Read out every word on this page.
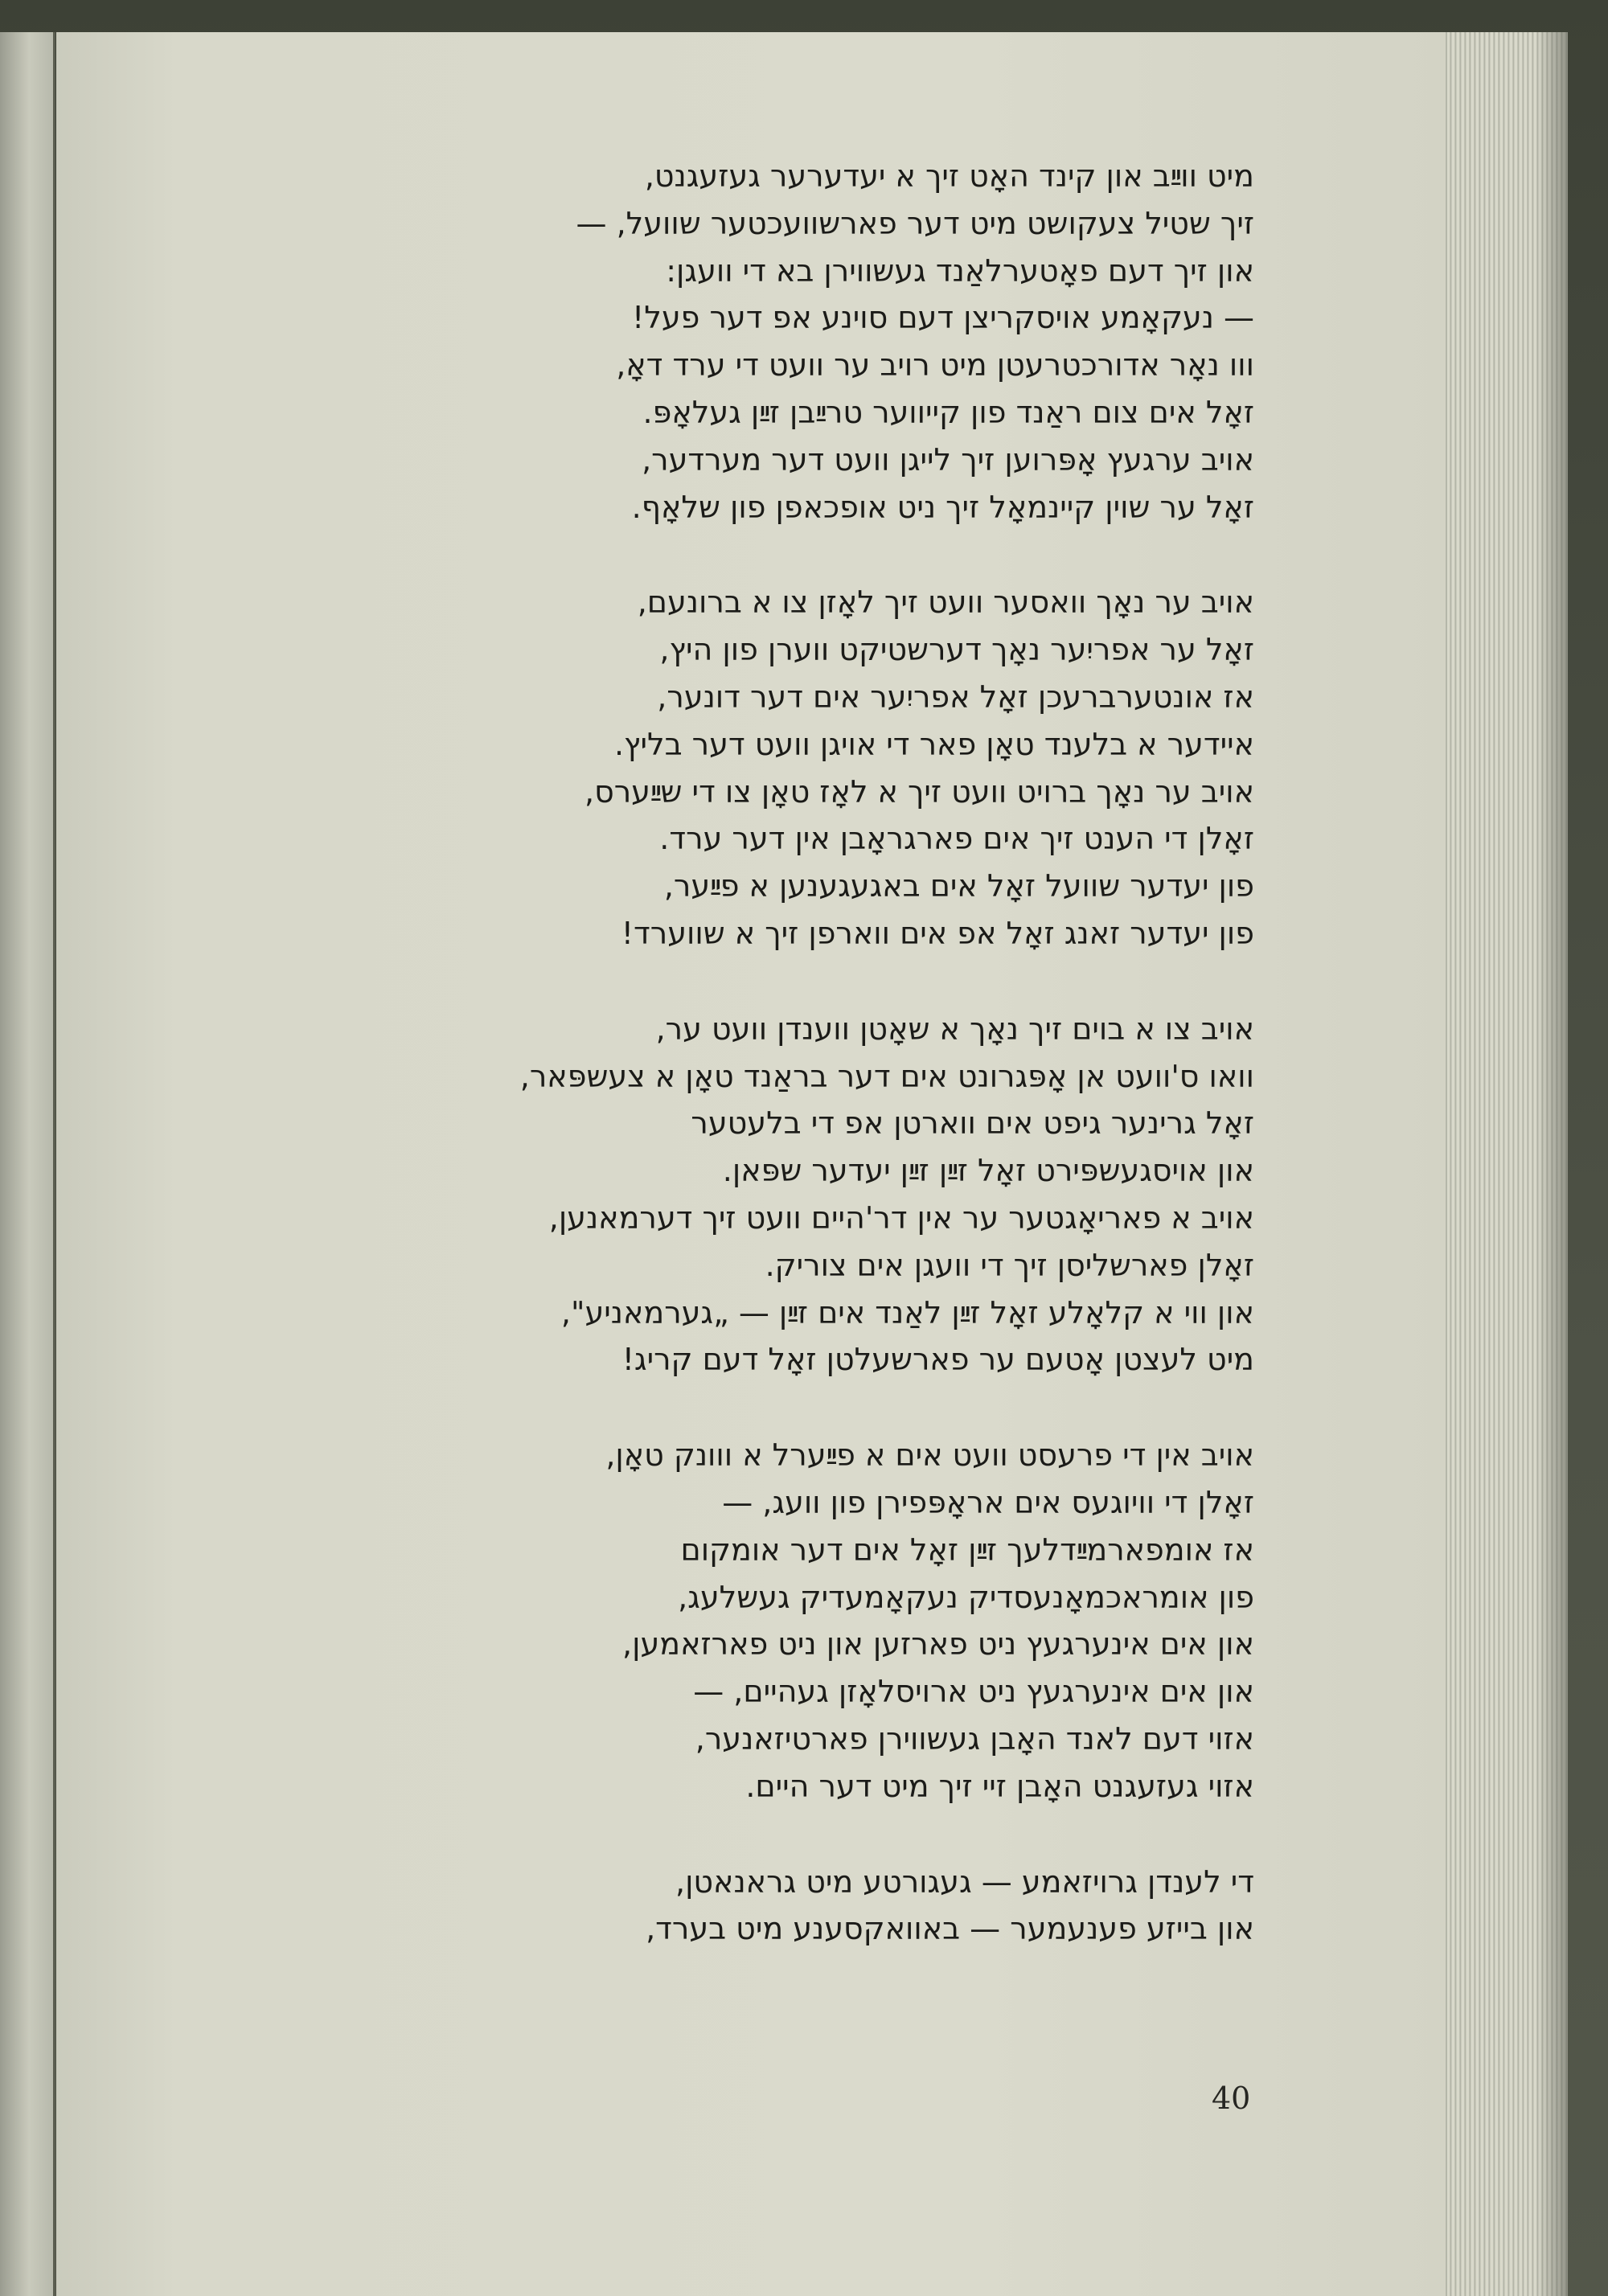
מיט ווײַב און קינד האָט זיך א יעדערער געזעגנט,
זיך שטיל צעקושט מיט דער פארשוועכטער שוועל, —
און זיך דעם פאָטערלאַנד געשווירן בא די וועגן:
— נעקאָמע אויסקריצן דעם סוינע אפ דער פעל!
ווו נאָר אדורכטרעטן מיט רויב ער וועט די ערד דאָ,
זאָל אים צום ראַנד פון קייווער טרײַבן זײַן געלאָפּ.
אויב ערגעץ אָפּרוען זיך לייגן וועט דער מערדער,
זאָל ער שוין קיינמאָל זיך ניט אופכאפן פון שלאָף.
אויב ער נאָך וואסער וועט זיך לאָזן צו א ברונעם,
זאָל ער אפריִער נאָך דערשטיקט ווערן פון היץ,
אז אונטערברעכן זאָל אפריִער אים דער דונער,
איידער א בלענד טאָן פאר די אויגן וועט דער בליץ.
אויב ער נאָך ברויט וועט זיך א לאָז טאָן צו די שײַערס,
זאָלן די הענט זיך אים פארגראָבן אין דער ערד.
פון יעדער שוועל זאָל אים באגעגענען א פײַער,
פון יעדער זאנג זאָל אפ אים ווארפן זיך א שווערד!
אויב צו א בוים זיך נאָך א שאָטן ווענדן וועט ער,
וואו ס'וועט אן אָפּגרונט אים דער בראַנד טאָן א צעשפּאר,
זאָל גרינער גיפט אים ווארטן אפ די בלעטער
און אויסגעשפּירט זאָל זײַן זײַן יעדער שפּאן.
אויב א פאריאָגטער ער אין דר'היים וועט זיך דערמאנען,
זאָלן פארשליסן זיך די וועגן אים צוריק.
און ווי א קלאָלע זאָל זײַן לאַנד אים זײַן — „גערמאניע",
מיט לעצטן אָטעם ער פארשעלטן זאָל דעם קריג!
אויב אין די פרעסט וועט אים א פײַערל א ווונק טאָן,
זאָלן די וויוגעס אים אראָפּפירן פון וועג, —
אז אומפארמײַדלעך זײַן זאָל אים דער אומקום
פון אומראכמאָנעסדיק נעקאָמעדיק געשלעג,
און אים אינערגעץ ניט פארזען און ניט פארזאמען,
און אים אינערגעץ ניט ארויסלאָזן געהיים, —
אזוי דעם לאנד האָבן געשווירן פארטיזאנער,
אזוי געזעגנט האָבן זיי זיך מיט דער היים.
די לענדן גרויזאמע — געגורטע מיט גראנאטן,
און בייזע פענעמער — באוואקסענע מיט בערד,
40
